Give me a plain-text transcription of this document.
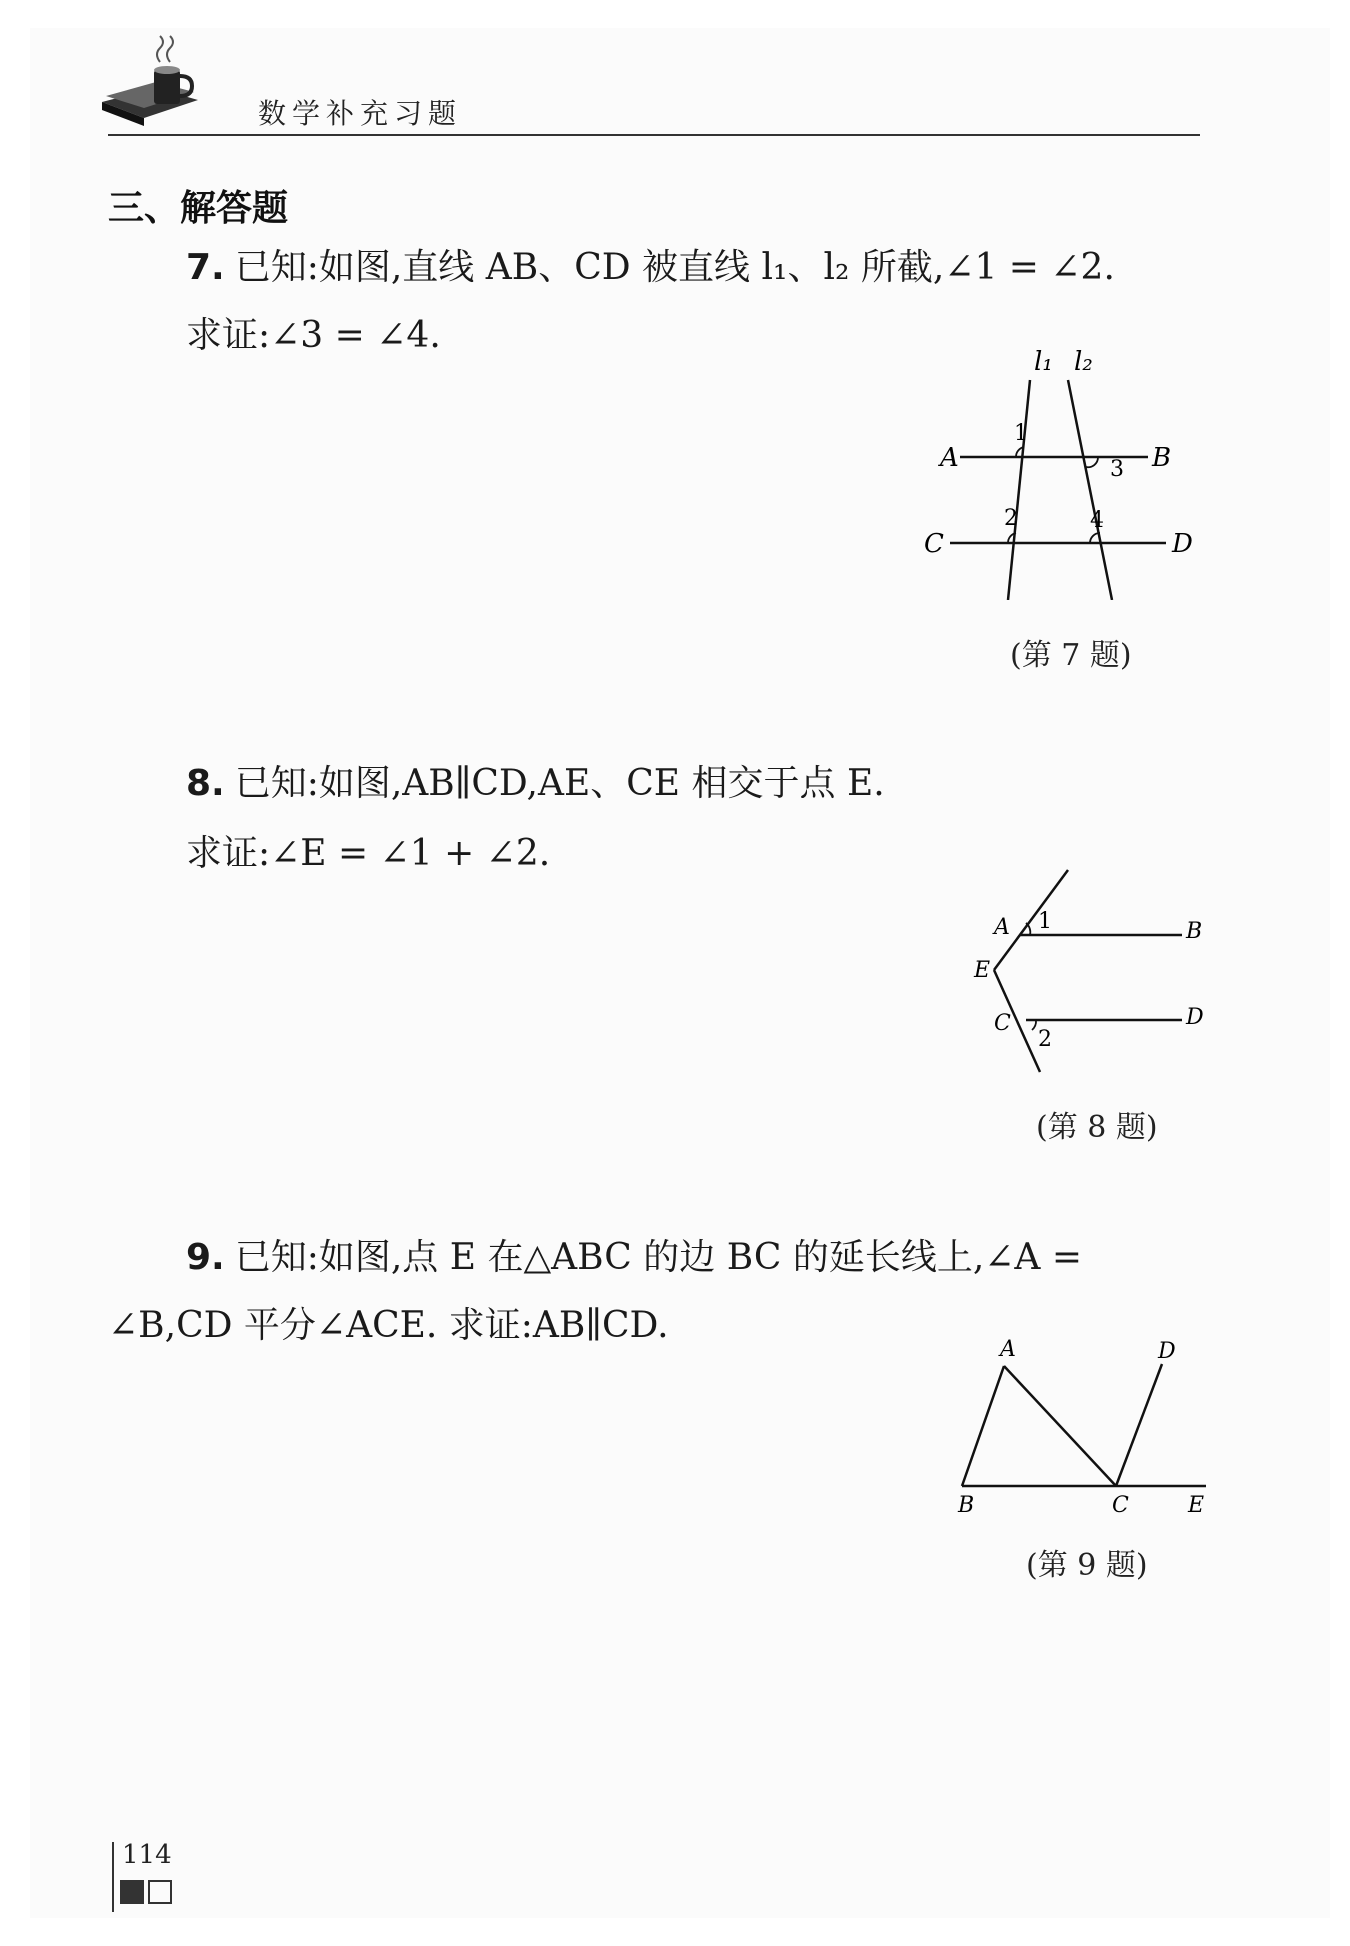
数学补充习题
三、解答题
7. 已知:如图,直线 AB、CD 被直线 l₁、l₂ 所截,∠1 = ∠2.
求证:∠3 = ∠4.
l₁ l₂
A	B
C	D
1
2
3
4
(第 7 题)
8. 已知:如图,AB∥CD,AE、CE 相交于点 E.
求证:∠E = ∠1 + ∠2.
A	B
E
C	D
1
2
(第 8 题)
9. 已知:如图,点 E 在△ABC 的边 BC 的延长线上,∠A =
∠B,CD 平分∠ACE. 求证:AB∥CD.
A
B	C
D
E
(第 9 题)
114
